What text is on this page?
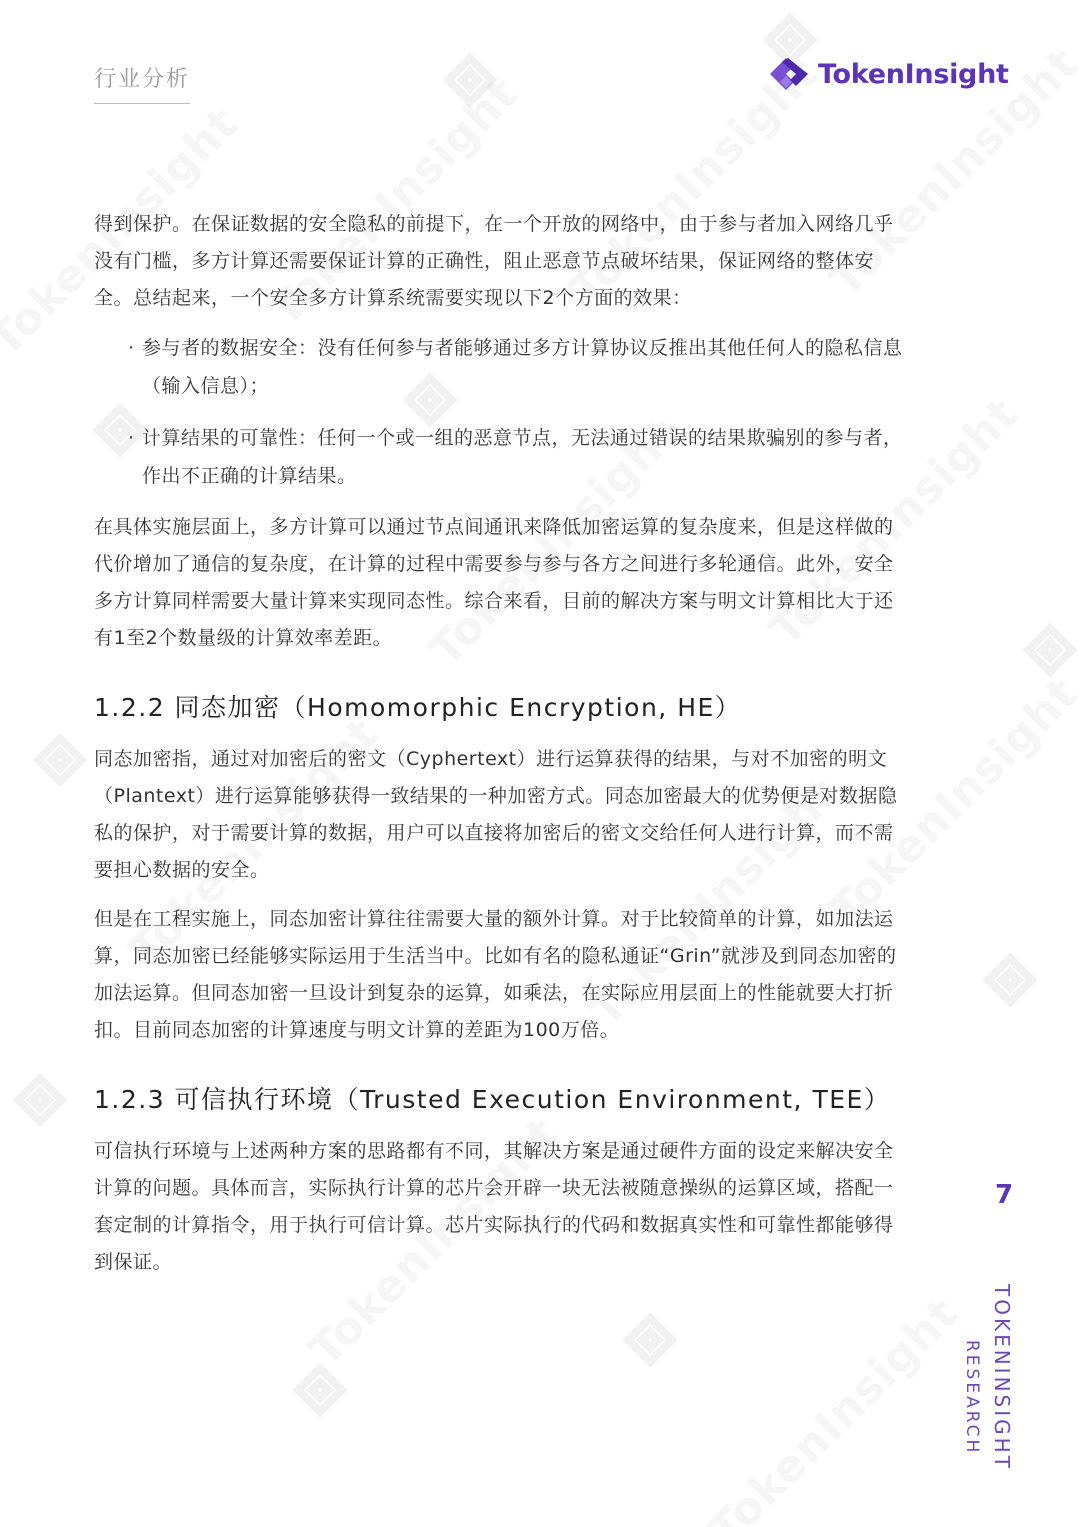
行业分析	TokenInsight

得到保护。在保证数据的安全隐私的前提下，在一个开放的网络中，由于参与者加入网络几乎没有门槛，多方计算还需要保证计算的正确性，阻止恶意节点破坏结果，保证网络的整体安全。总结起来，一个安全多方计算系统需要实现以下2个方面的效果：

· 参与者的数据安全：没有任何参与者能够通过多方计算协议反推出其他任何人的隐私信息（输入信息）；
· 计算结果的可靠性：任何一个或一组的恶意节点，无法通过错误的结果欺骗别的参与者，作出不正确的计算结果。

在具体实施层面上，多方计算可以通过节点间通讯来降低加密运算的复杂度来，但是这样做的代价增加了通信的复杂度，在计算的过程中需要参与参与各方之间进行多轮通信。此外，安全多方计算同样需要大量计算来实现同态性。综合来看，目前的解决方案与明文计算相比大于还有1至2个数量级的计算效率差距。

1.2.2 同态加密（Homomorphic Encryption, HE）

同态加密指，通过对加密后的密文（Cyphertext）进行运算获得的结果，与对不加密的明文（Plantext）进行运算能够获得一致结果的一种加密方式。同态加密最大的优势便是对数据隐私的保护，对于需要计算的数据，用户可以直接将加密后的密文交给任何人进行计算，而不需要担心数据的安全。

但是在工程实施上，同态加密计算往往需要大量的额外计算。对于比较简单的计算，如加法运算，同态加密已经能够实际运用于生活当中。比如有名的隐私通证“Grin”就涉及到同态加密的加法运算。但同态加密一旦设计到复杂的运算，如乘法，在实际应用层面上的性能就要大打折扣。目前同态加密的计算速度与明文计算的差距为100万倍。

1.2.3 可信执行环境（Trusted Execution Environment, TEE）

可信执行环境与上述两种方案的思路都有不同，其解决方案是通过硬件方面的设定来解决安全计算的问题。具体而言，实际执行计算的芯片会开辟一块无法被随意操纵的运算区域，搭配一套定制的计算指令，用于执行可信计算。芯片实际执行的代码和数据真实性和可靠性都能够得到保证。

7
TOKENINSIGHT
RESEARCH
